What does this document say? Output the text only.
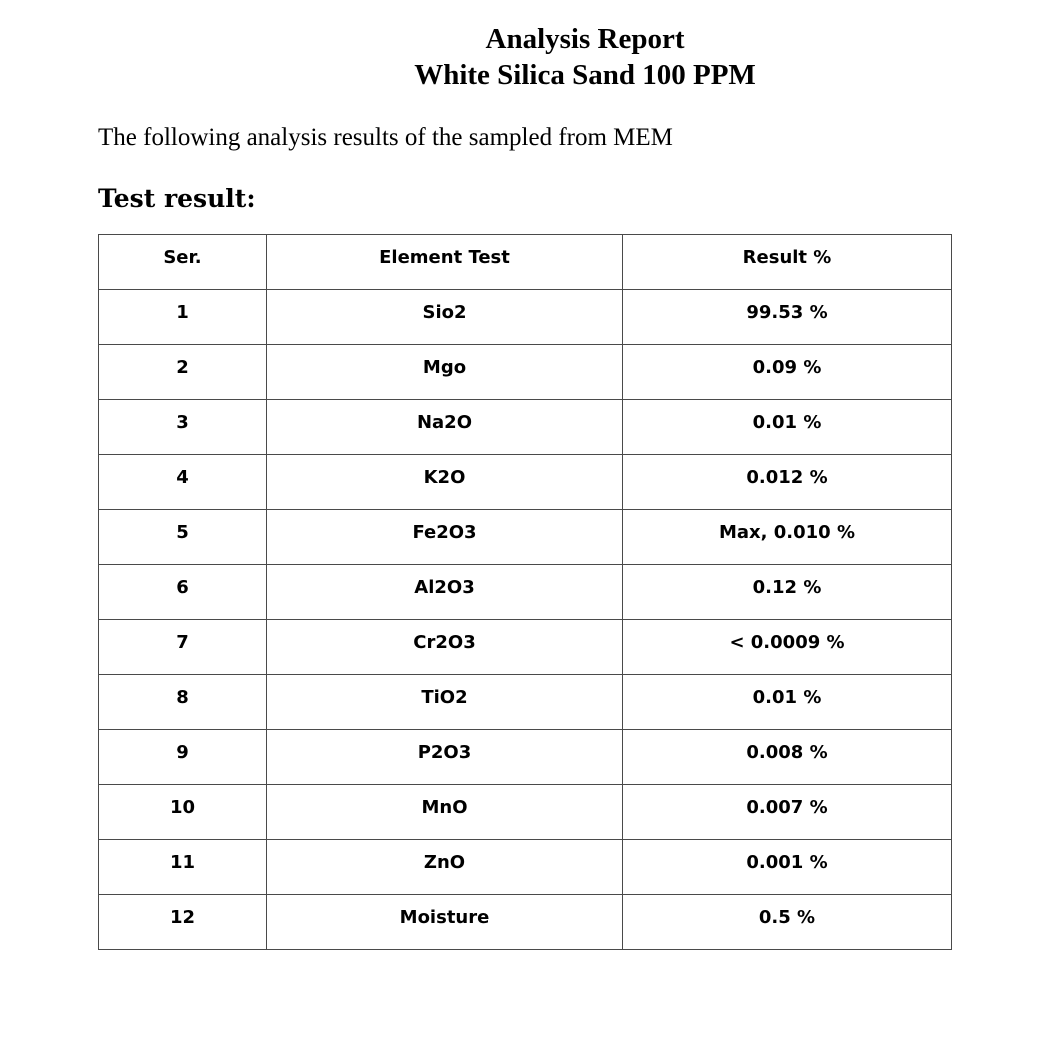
Analysis Report
White Silica Sand 100 PPM
The following analysis results of the sampled from MEM
Test result:
Ser.	Element Test	Result %
1	Sio2	99.53 %
2	Mgo	0.09 %
3	Na2O	0.01 %
4	K2O	0.012 %
5	Fe2O3	Max, 0.010 %
6	Al2O3	0.12 %
7	Cr2O3	< 0.0009 %
8	TiO2	0.01 %
9	P2O3	0.008 %
10	MnO	0.007 %
11	ZnO	0.001 %
12	Moisture	0.5 %
